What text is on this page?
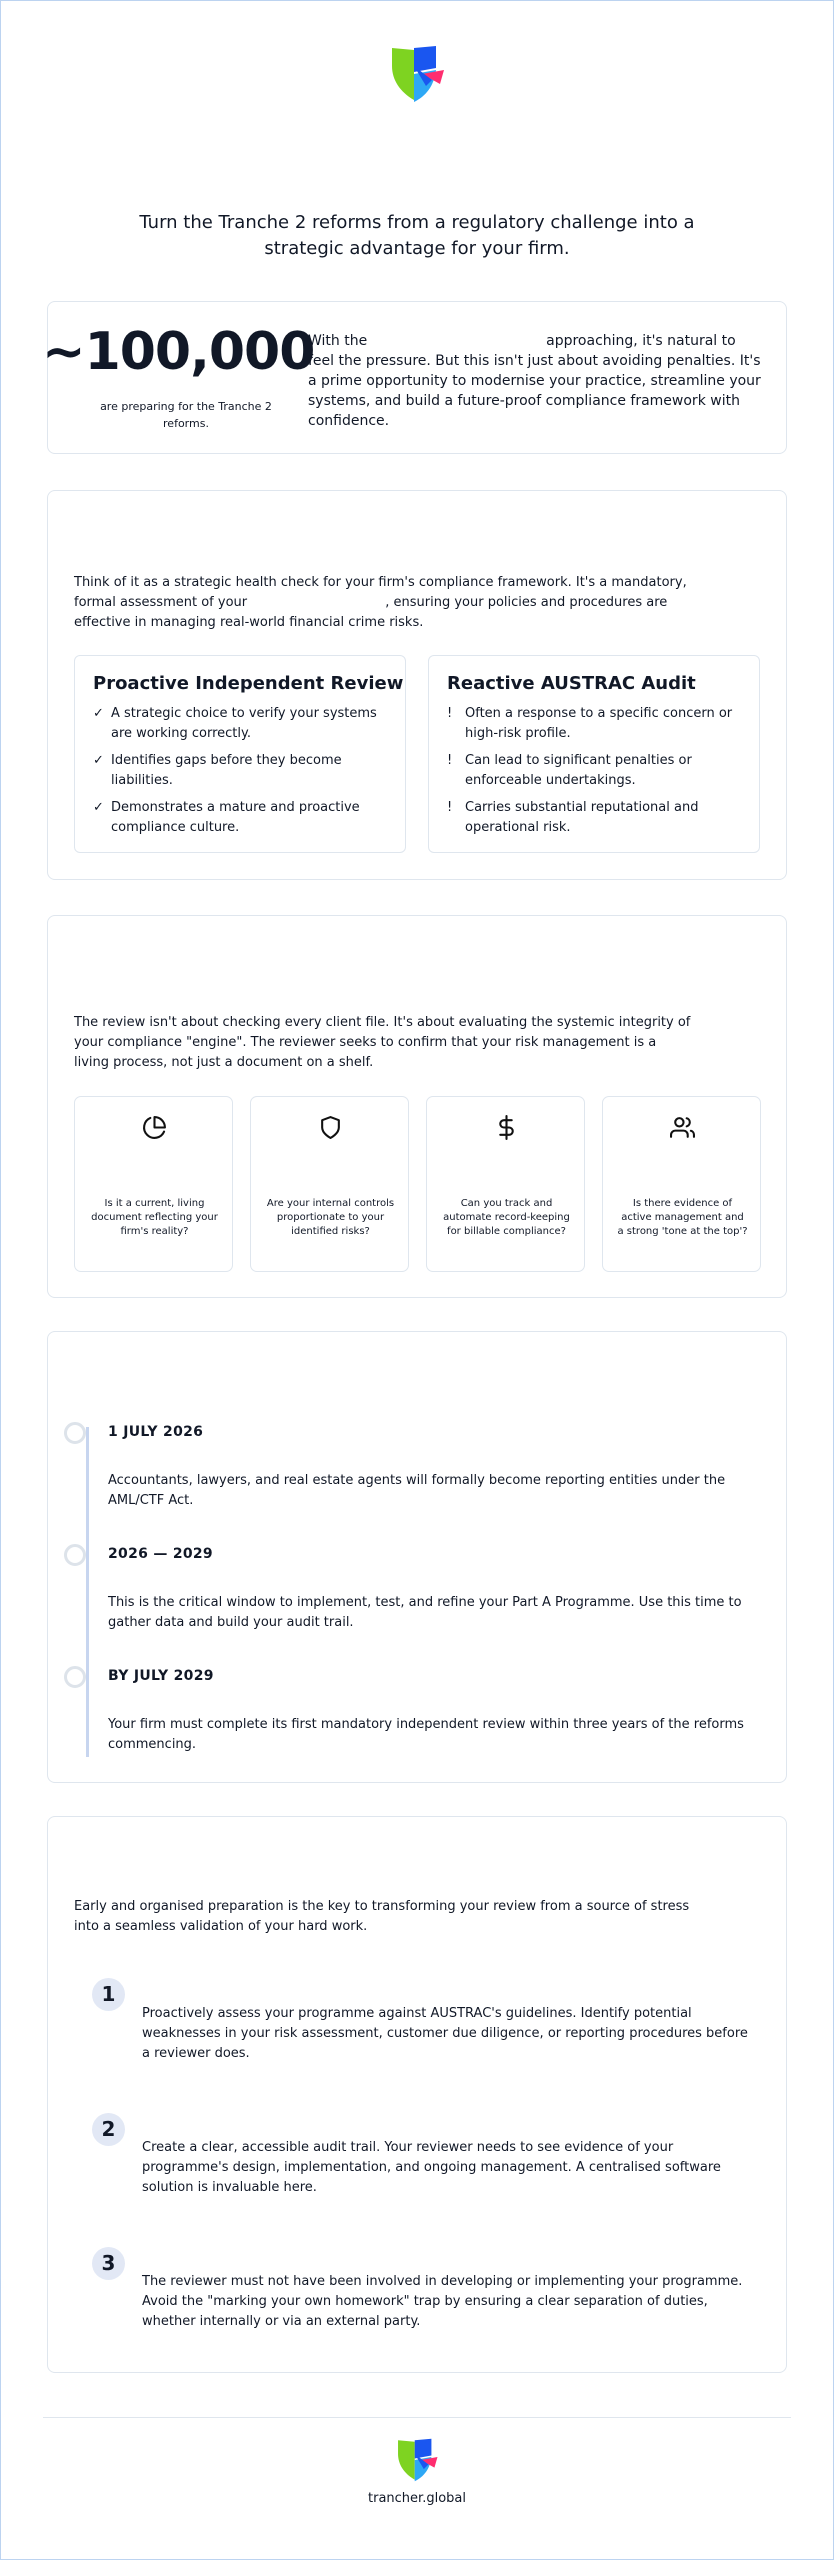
Turn the Tranche 2 reforms from a regulatory challenge into a strategic advantage for your firm.
~100,000
are preparing for the Tranche 2 reforms.
With the	approaching, it's natural to feel the pressure. But this isn't just about avoiding penalties. It's a prime opportunity to modernise your practice, streamline your systems, and build a future-proof compliance framework with confidence.
Think of it as a strategic health check for your firm's compliance framework. It's a mandatory, formal assessment of your	, ensuring your policies and procedures are effective in managing real-world financial crime risks.
Proactive Independent Review
✓ A strategic choice to verify your systems are working correctly.
✓ Identifies gaps before they become liabilities.
✓ Demonstrates a mature and proactive compliance culture.
Reactive AUSTRAC Audit
! Often a response to a specific concern or high-risk profile.
! Can lead to significant penalties or enforceable undertakings.
! Carries substantial reputational and operational risk.
The review isn't about checking every client file. It's about evaluating the systemic integrity of your compliance "engine". The reviewer seeks to confirm that your risk management is a living process, not just a document on a shelf.
Is it a current, living document reflecting your firm's reality?
Are your internal controls proportionate to your identified risks?
Can you track and automate record-keeping for billable compliance?
Is there evidence of active management and a strong 'tone at the top'?
1 JULY 2026
Accountants, lawyers, and real estate agents will formally become reporting entities under the AML/CTF Act.
2026 — 2029
This is the critical window to implement, test, and refine your Part A Programme. Use this time to gather data and build your audit trail.
BY JULY 2029
Your firm must complete its first mandatory independent review within three years of the reforms commencing.
Early and organised preparation is the key to transforming your review from a source of stress into a seamless validation of your hard work.
1
Proactively assess your programme against AUSTRAC's guidelines. Identify potential weaknesses in your risk assessment, customer due diligence, or reporting procedures before a reviewer does.
2
Create a clear, accessible audit trail. Your reviewer needs to see evidence of your programme's design, implementation, and ongoing management. A centralised software solution is invaluable here.
3
The reviewer must not have been involved in developing or implementing your programme. Avoid the "marking your own homework" trap by ensuring a clear separation of duties, whether internally or via an external party.
trancher.global
